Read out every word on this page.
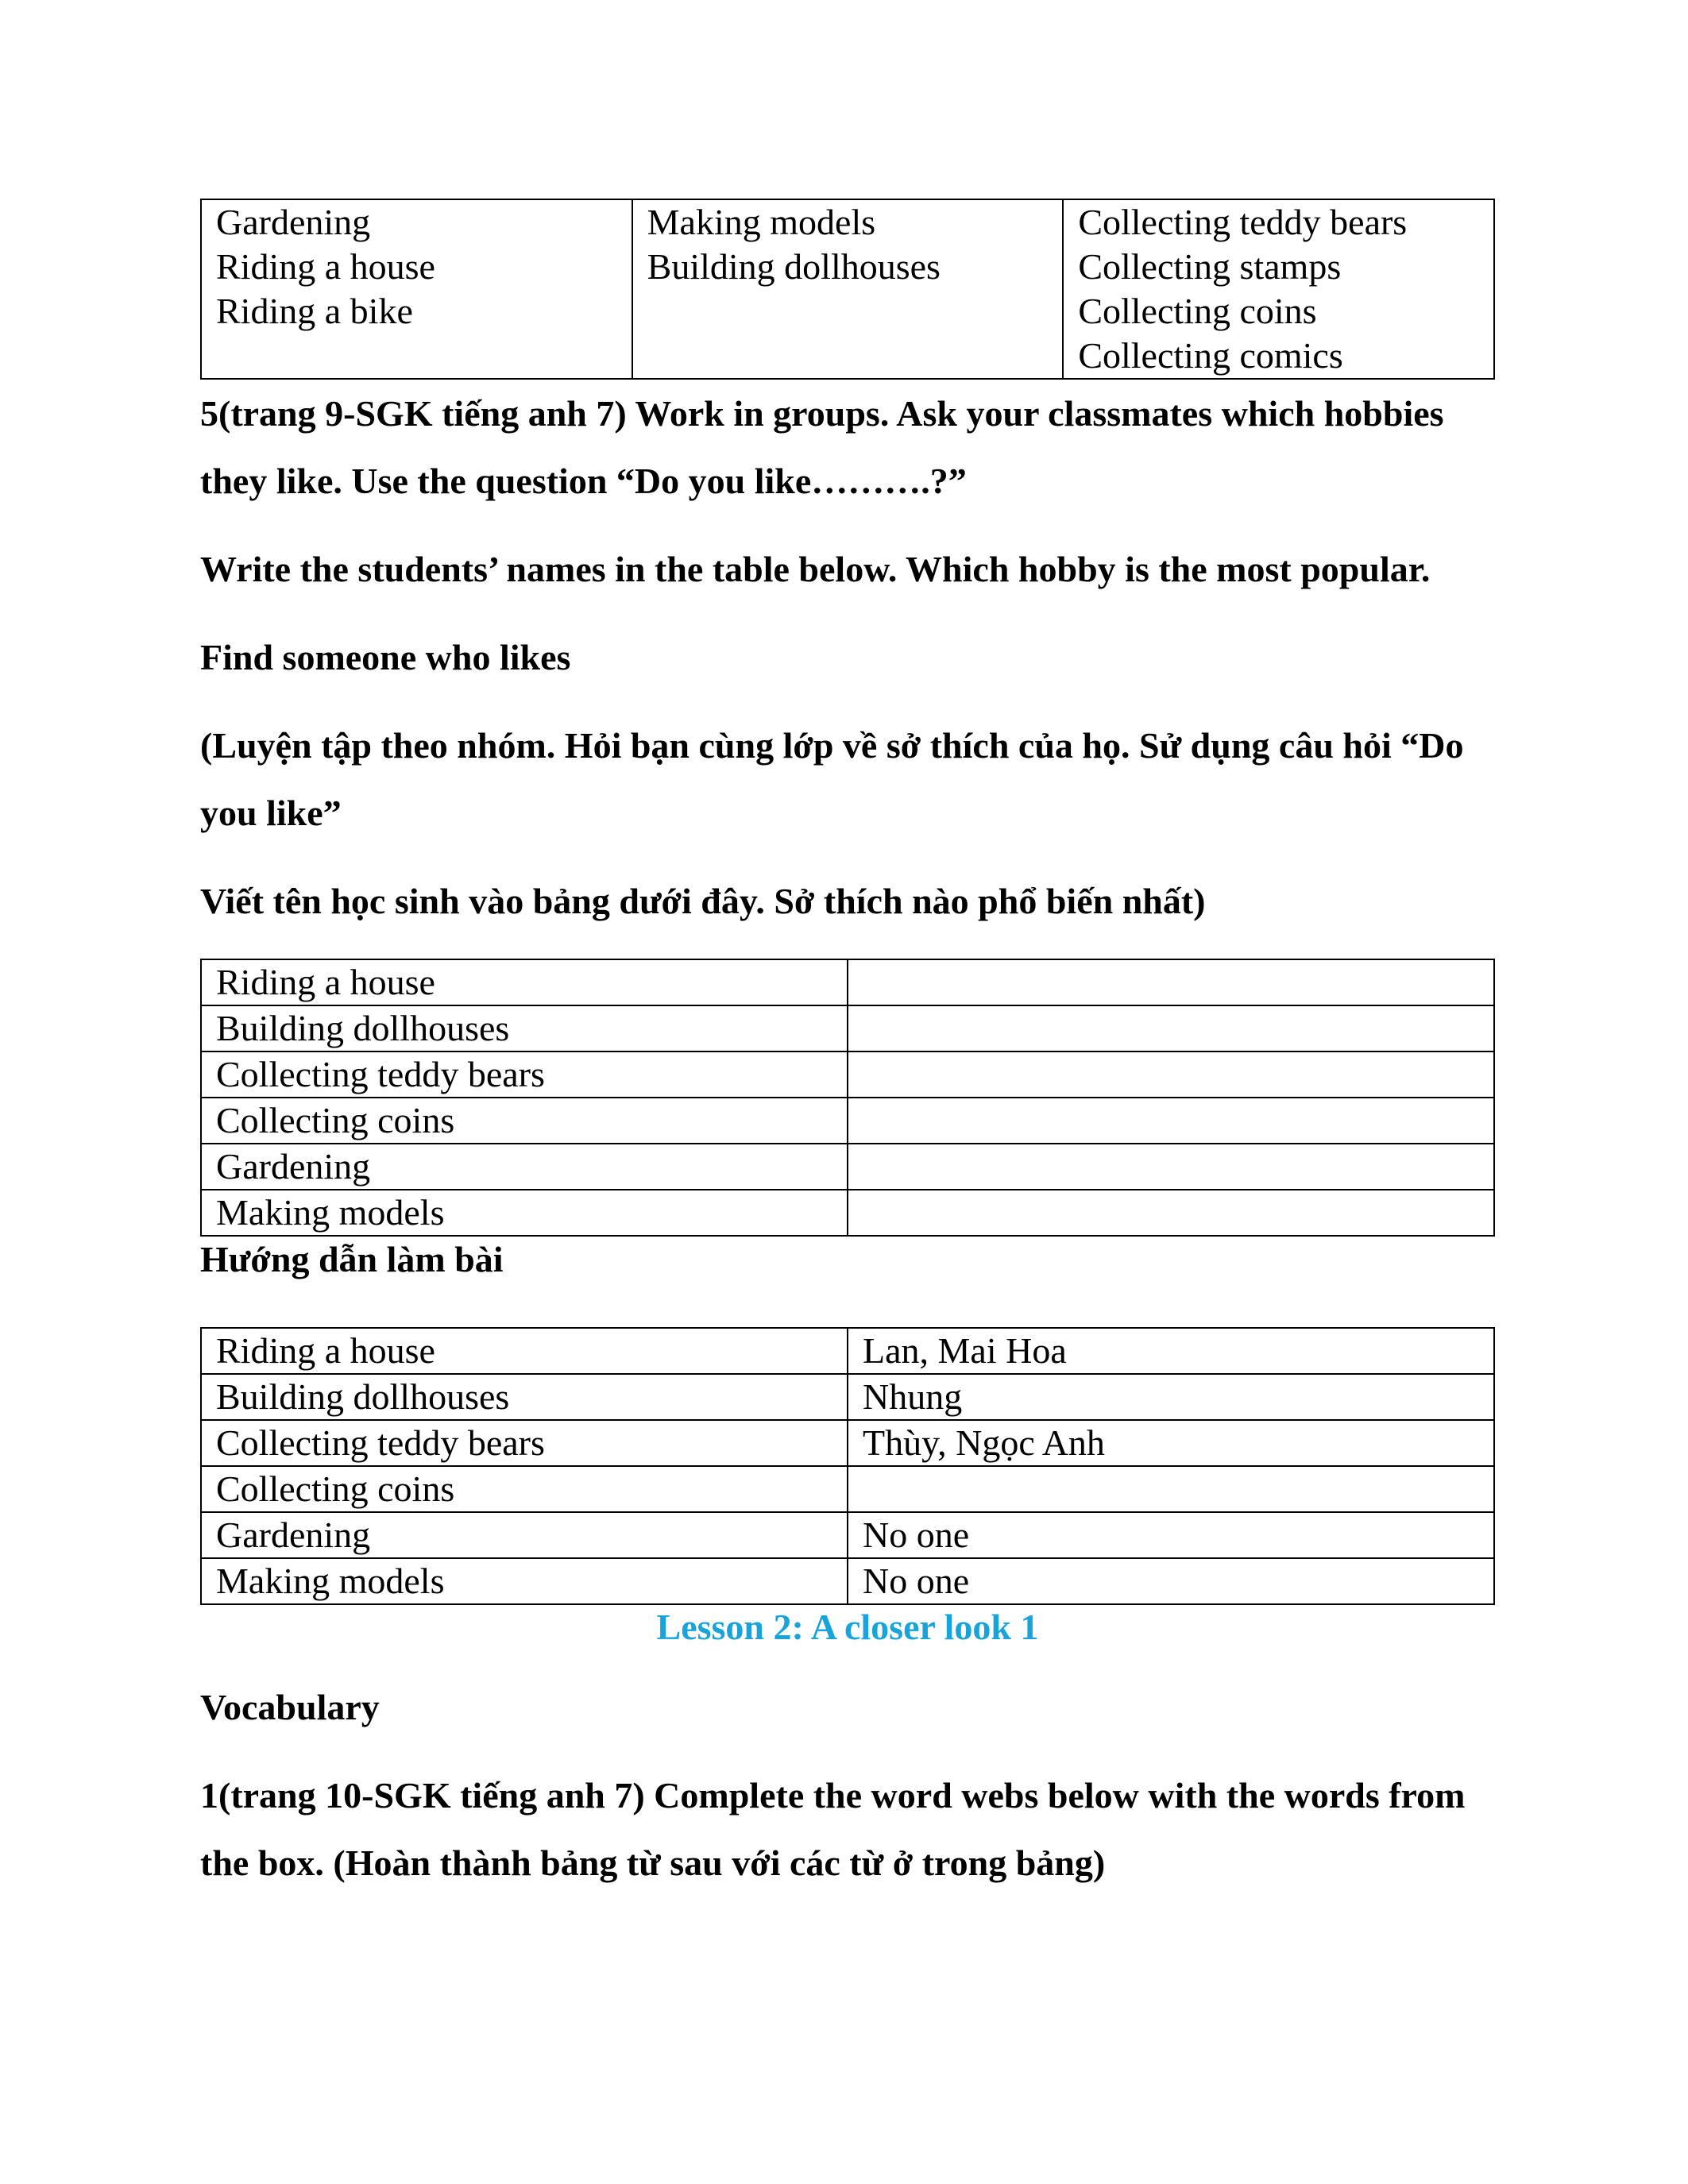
Gardening
Riding a house
Riding a bike

Making models
Building dollhouses

Collecting teddy bears
Collecting stamps
Collecting coins
Collecting comics

5(trang 9-SGK tiếng anh 7) Work in groups. Ask your classmates which hobbies they like. Use the question “Do you like……….?”

Write the students’ names in the table below. Which hobby is the most popular.

Find someone who likes

(Luyện tập theo nhóm. Hỏi bạn cùng lớp về sở thích của họ. Sử dụng câu hỏi “Do you like”

Viết tên học sinh vào bảng dưới đây. Sở thích nào phổ biến nhất)

Riding a house	
Building dollhouses	
Collecting teddy bears	
Collecting coins	
Gardening	
Making models	

Hướng dẫn làm bài

Riding a house	Lan, Mai Hoa
Building dollhouses	Nhung
Collecting teddy bears	Thùy, Ngọc Anh
Collecting coins	
Gardening	No one
Making models	No one

Lesson 2: A closer look 1

Vocabulary

1(trang 10-SGK tiếng anh 7) Complete the word webs below with the words from the box. (Hoàn thành bảng từ sau với các từ ở trong bảng)
